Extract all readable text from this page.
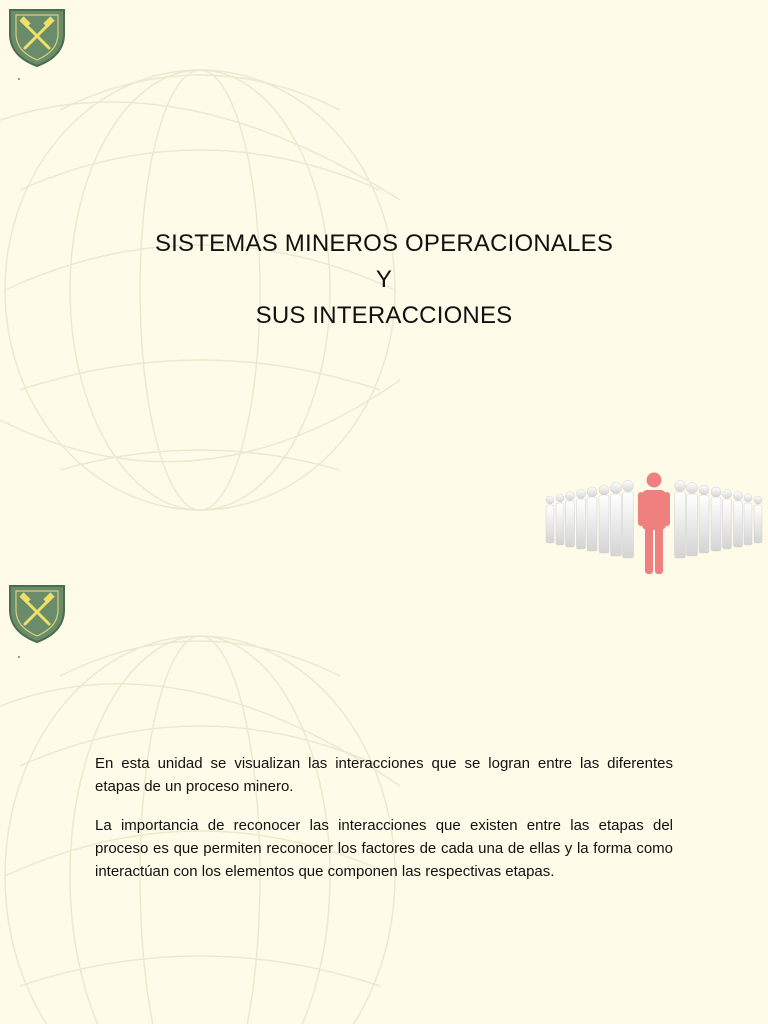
SISTEMAS MINEROS OPERACIONALES
Y
SUS INTERACCIONES

En esta unidad se visualizan las interacciones que se logran entre las diferentes etapas de un proceso minero.

La importancia de reconocer las interacciones que existen entre las etapas del proceso es que permiten reconocer los factores de cada una de ellas y la forma como interactúan con los elementos que componen las respectivas etapas.
